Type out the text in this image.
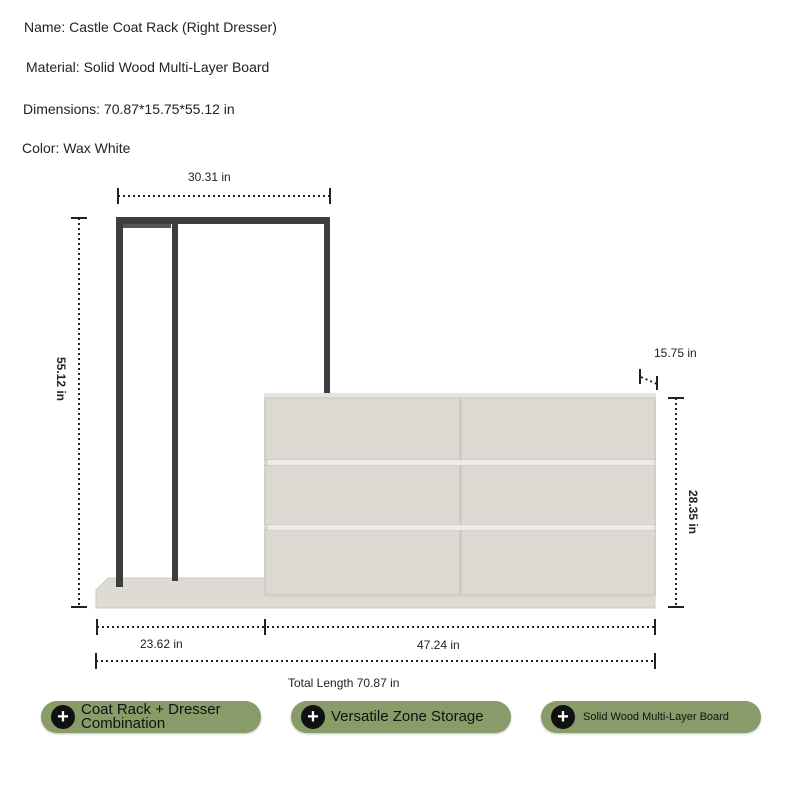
Name : Castle Coat Rack (Right Dresser)
Material : Solid Wood Multi-Layer Board
Dimensions : 70.87*15.75*55.12 in
Color : Wax White
30.31 in
55.12 in
15.75 in
28.35 in
23.62 in	47.24 in
Total Length 70.87 in
+ Coat Rack + Dresser
Combination	+ Versatile Zone Storage	+	Solid Wood Multi-Layer Board
